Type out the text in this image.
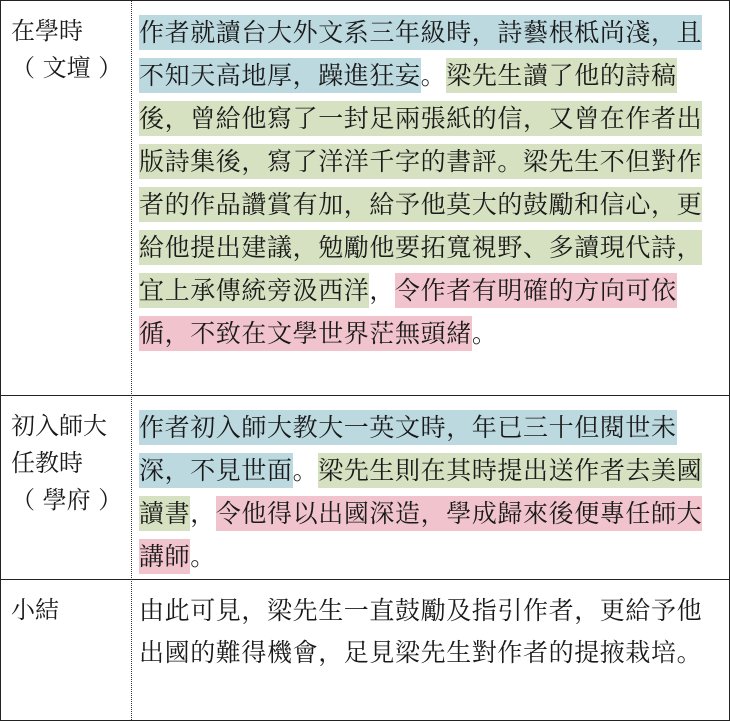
在學時
（ 文壇 ）
作者就讀台大外文系三年級時，詩藝根柢尚淺，且不知天高地厚，躁進狂妄。梁先生讀了他的詩稿後，曾給他寫了一封足兩張紙的信，又曾在作者出版詩集後，寫了洋洋千字的書評。梁先生不但對作者的作品讚賞有加，給予他莫大的鼓勵和信心，更給他提出建議，勉勵他要拓寬視野、多讀現代詩，宜上承傳統旁汲西洋，令作者有明確的方向可依循，不致在文學世界茫無頭緒。
初入師大
任教時
（ 學府 ）
作者初入師大教大一英文時，年已三十但閱世未深，不見世面。梁先生則在其時提出送作者去美國讀書，令他得以出國深造，學成歸來後便專任師大講師。
小結	由此可見，梁先生一直鼓勵及指引作者，更給予他出國的難得機會，足見梁先生對作者的提掖栽培。
